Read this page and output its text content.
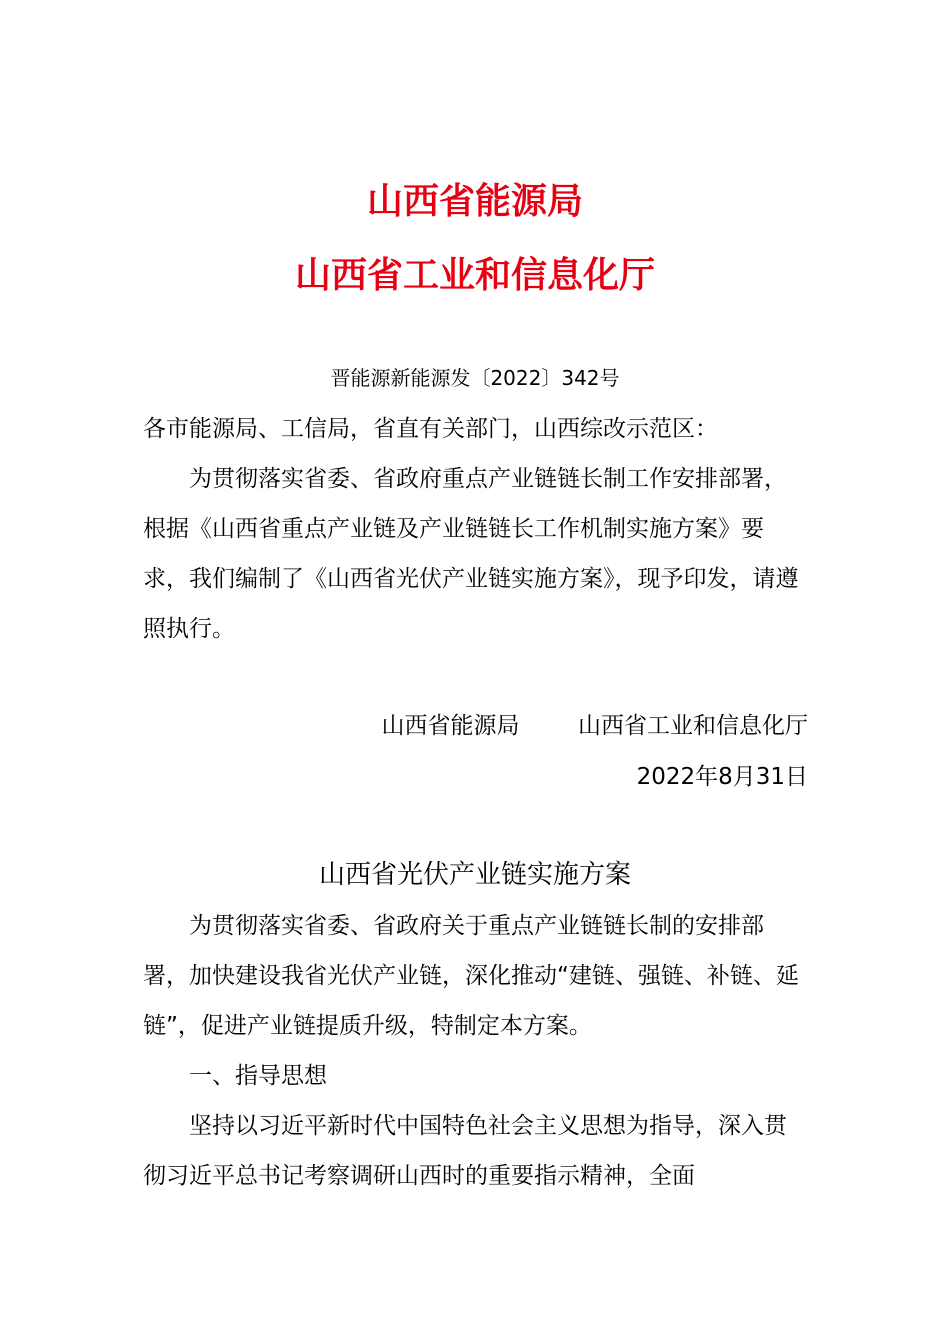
山西省能源局
山西省工业和信息化厅
晋能源新能源发〔2022〕342号
各市能源局、工信局，省直有关部门，山西综改示范区：
为贯彻落实省委、省政府重点产业链链长制工作安排部署，根据《山西省重点产业链及产业链链长工作机制实施方案》要求，我们编制了《山西省光伏产业链实施方案》，现予印发，请遵照执行。
山西省能源局        山西省工业和信息化厅
2022年8月31日
山西省光伏产业链实施方案
为贯彻落实省委、省政府关于重点产业链链长制的安排部署，加快建设我省光伏产业链，深化推动“建链、强链、补链、延链”，促进产业链提质升级，特制定本方案。
一、指导思想
坚持以习近平新时代中国特色社会主义思想为指导，深入贯彻习近平总书记考察调研山西时的重要指示精神，全面
